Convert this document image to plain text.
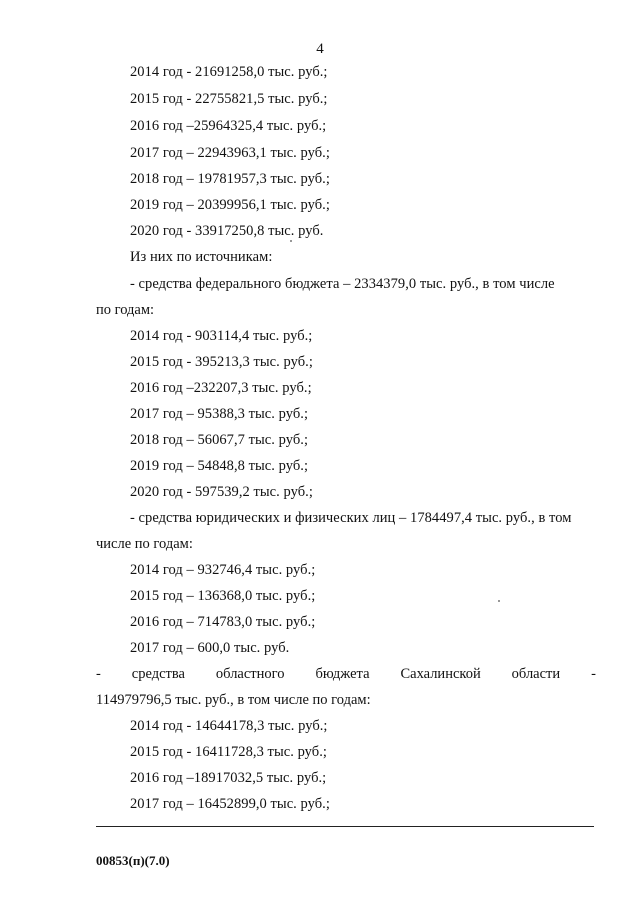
4
2014 год - 21691258,0 тыс. руб.;
2015 год - 22755821,5 тыс. руб.;
2016 год –25964325,4 тыс. руб.;
2017 год – 22943963,1 тыс. руб.;
2018 год – 19781957,3 тыс. руб.;
2019 год – 20399956,1 тыс. руб.;
2020 год - 33917250,8 тыс. руб.
Из них по источникам:
- средства федерального бюджета – 2334379,0 тыс. руб., в том числе
по годам:
2014 год - 903114,4 тыс. руб.;
2015 год - 395213,3 тыс. руб.;
2016 год –232207,3 тыс. руб.;
2017 год – 95388,3 тыс. руб.;
2018 год – 56067,7 тыс. руб.;
2019 год – 54848,8 тыс. руб.;
2020 год - 597539,2 тыс. руб.;
- средства юридических и физических лиц – 1784497,4 тыс. руб., в том
числе по годам:
2014 год – 932746,4 тыс. руб.;
2015 год – 136368,0 тыс. руб.;
2016 год – 714783,0 тыс. руб.;
2017 год – 600,0 тыс. руб.
- средства областного бюджета Сахалинской области -
114979796,5 тыс. руб., в том числе по годам:
2014 год - 14644178,3 тыс. руб.;
2015 год - 16411728,3 тыс. руб.;
2016 год –18917032,5 тыс. руб.;
2017 год – 16452899,0 тыс. руб.;
00853(п)(7.0)
